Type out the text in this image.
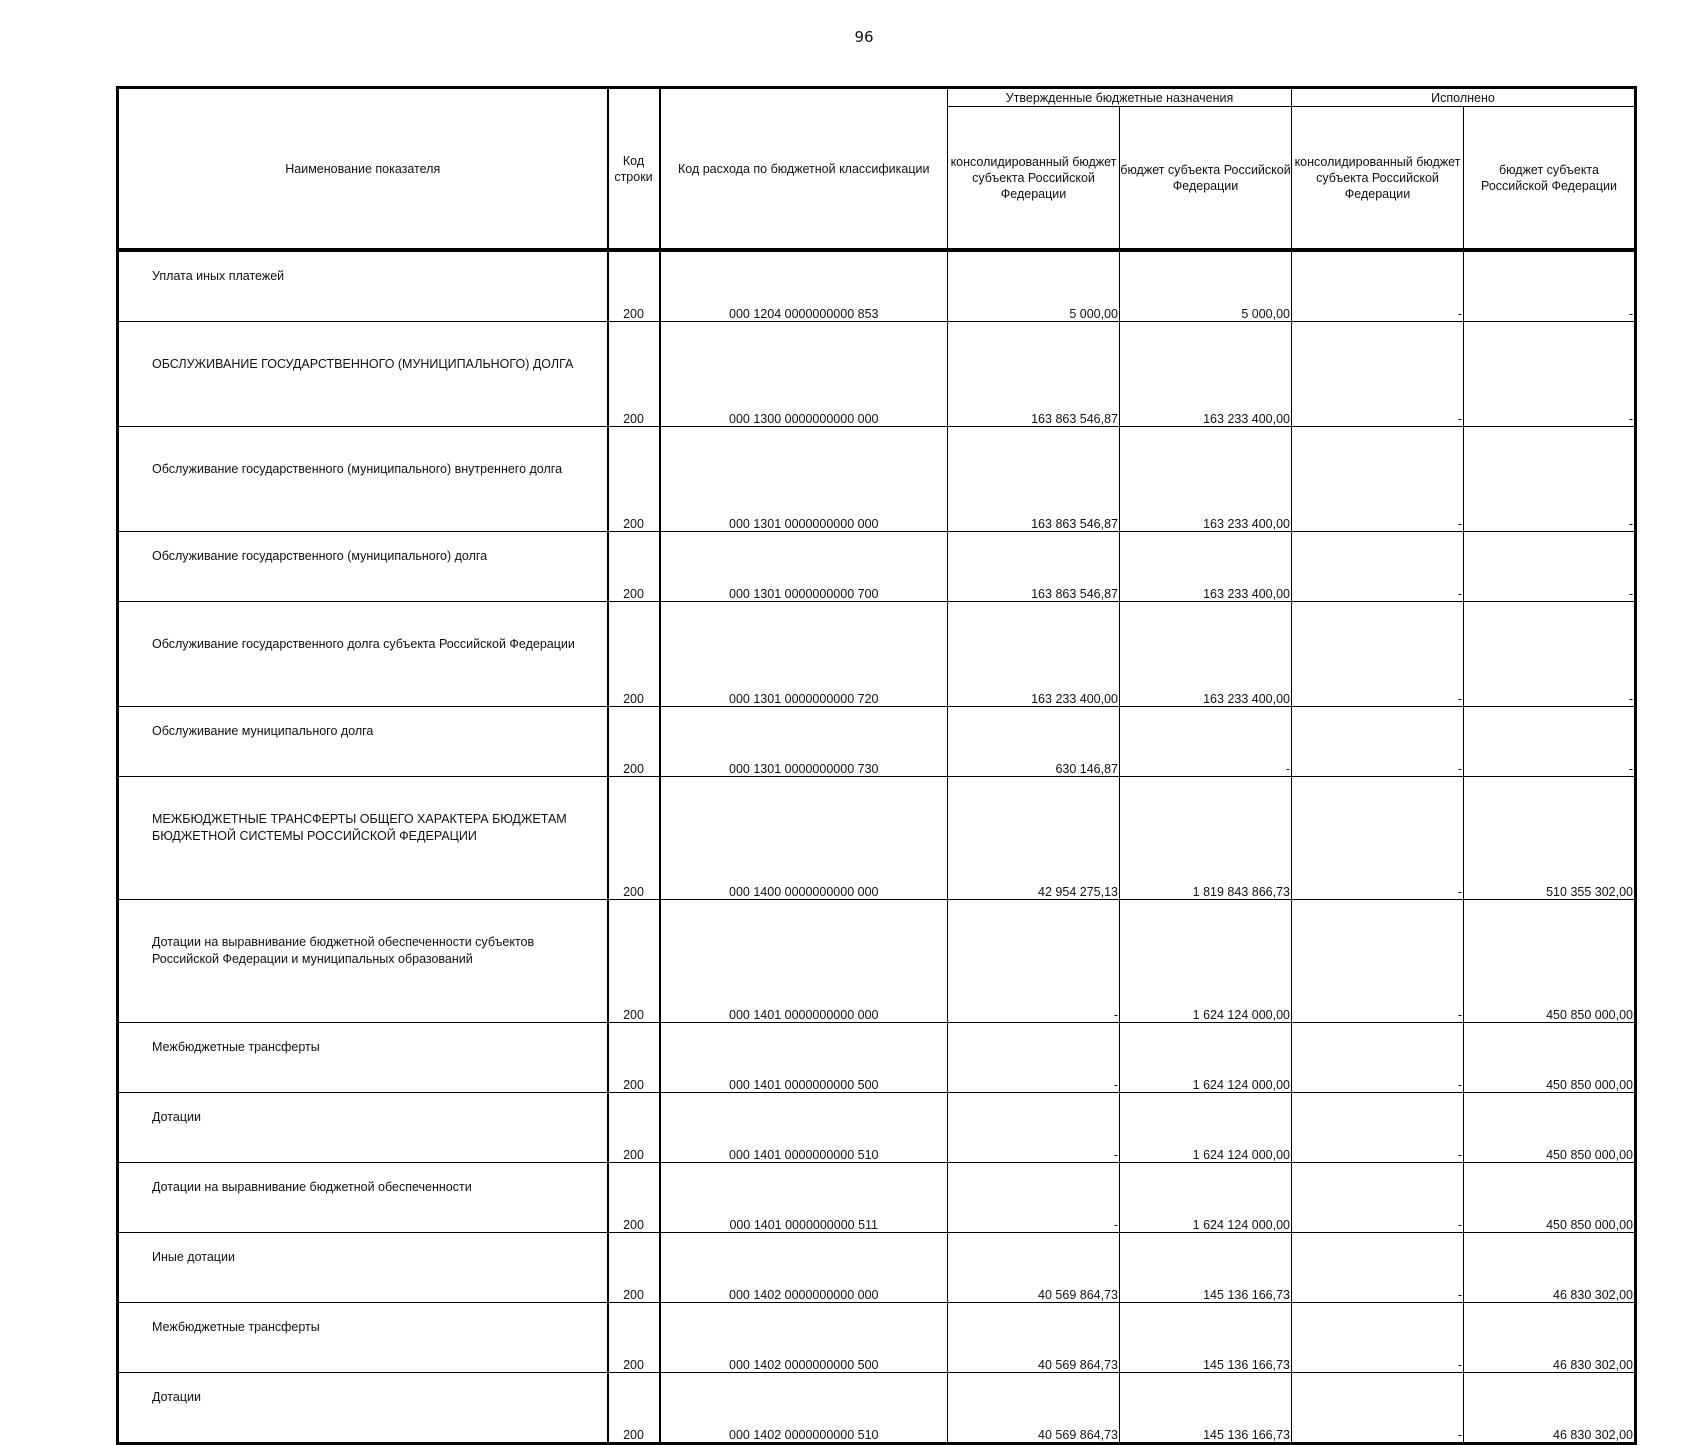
96
Наименование показателя	Код строки	Код расхода по бюджетной классификации	Утвержденные бюджетные назначения		Исполнено	
			консолидированный бюджет субъекта Российской Федерации	бюджет субъекта Российской Федерации	консолидированный бюджет субъекта Российской Федерации	бюджет субъекта Российской Федерации
Уплата иных платежей	200	000 1204 0000000000 853	5 000,00	5 000,00	-	-
ОБСЛУЖИВАНИЕ ГОСУДАРСТВЕННОГО (МУНИЦИПАЛЬНОГО) ДОЛГА	200	000 1300 0000000000 000	163 863 546,87	163 233 400,00	-	-
Обслуживание государственного (муниципального) внутреннего долга	200	000 1301 0000000000 000	163 863 546,87	163 233 400,00	-	-
Обслуживание государственного (муниципального) долга	200	000 1301 0000000000 700	163 863 546,87	163 233 400,00	-	-
Обслуживание государственного долга субъекта Российской Федерации	200	000 1301 0000000000 720	163 233 400,00	163 233 400,00	-	-
Обслуживание муниципального долга	200	000 1301 0000000000 730	630 146,87	-	-	-
МЕЖБЮДЖЕТНЫЕ ТРАНСФЕРТЫ ОБЩЕГО ХАРАКТЕРА БЮДЖЕТАМ БЮДЖЕТНОЙ СИСТЕМЫ РОССИЙСКОЙ ФЕДЕРАЦИИ	200	000 1400 0000000000 000	42 954 275,13	1 819 843 866,73	-	510 355 302,00
Дотации на выравнивание бюджетной обеспеченности субъектов Российской Федерации и муниципальных образований	200	000 1401 0000000000 000	-	1 624 124 000,00	-	450 850 000,00
Межбюджетные трансферты	200	000 1401 0000000000 500	-	1 624 124 000,00	-	450 850 000,00
Дотации	200	000 1401 0000000000 510	-	1 624 124 000,00	-	450 850 000,00
Дотации на выравнивание бюджетной обеспеченности	200	000 1401 0000000000 511	-	1 624 124 000,00	-	450 850 000,00
Иные дотации	200	000 1402 0000000000 000	40 569 864,73	145 136 166,73	-	46 830 302,00
Межбюджетные трансферты	200	000 1402 0000000000 500	40 569 864,73	145 136 166,73	-	46 830 302,00
Дотации	200	000 1402 0000000000 510	40 569 864,73	145 136 166,73	-	46 830 302,00
